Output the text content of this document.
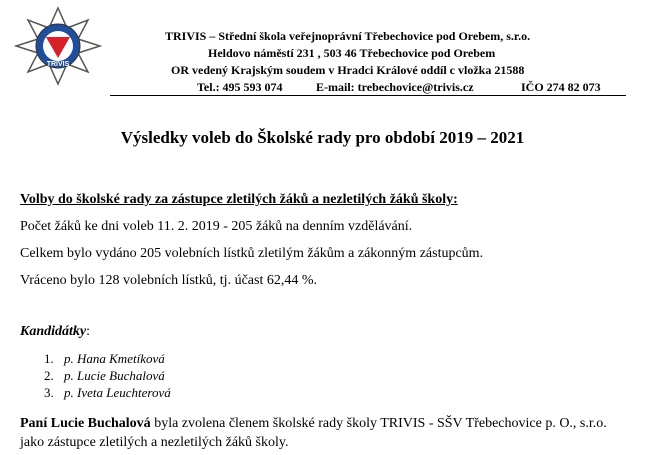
TRIVIS
TRIVIS – Střední škola veřejnoprávní Třebechovice pod Orebem, s.r.o.
Heldovo náměstí 231 , 503 46 Třebechovice pod Orebem
OR vedený Krajským soudem v Hradci Králové oddíl c vložka 21588
Tel.: 495 593 074	E-mail: trebechovice@trivis.cz	IČO 274 82 073
Výsledky voleb do Školské rady pro období 2019 – 2021
Volby do školské rady za zástupce zletilých žáků a nezletilých žáků školy:
Počet žáků ke dni voleb 11. 2. 2019 - 205 žáků na denním vzdělávání.
Celkem bylo vydáno 205 volebních lístků zletilým žákům a zákonným zástupcům.
Vráceno bylo 128 volebních lístků, tj. účast 62,44 %.
Kandidátky:
1. p. Hana Kmetíková
2. p. Lucie Buchalová
3. p. Iveta Leuchterová
Paní Lucie Buchalová byla zvolena členem školské rady školy TRIVIS - SŠV Třebechovice p. O., s.r.o. jako zástupce zletilých a nezletilých žáků školy.
